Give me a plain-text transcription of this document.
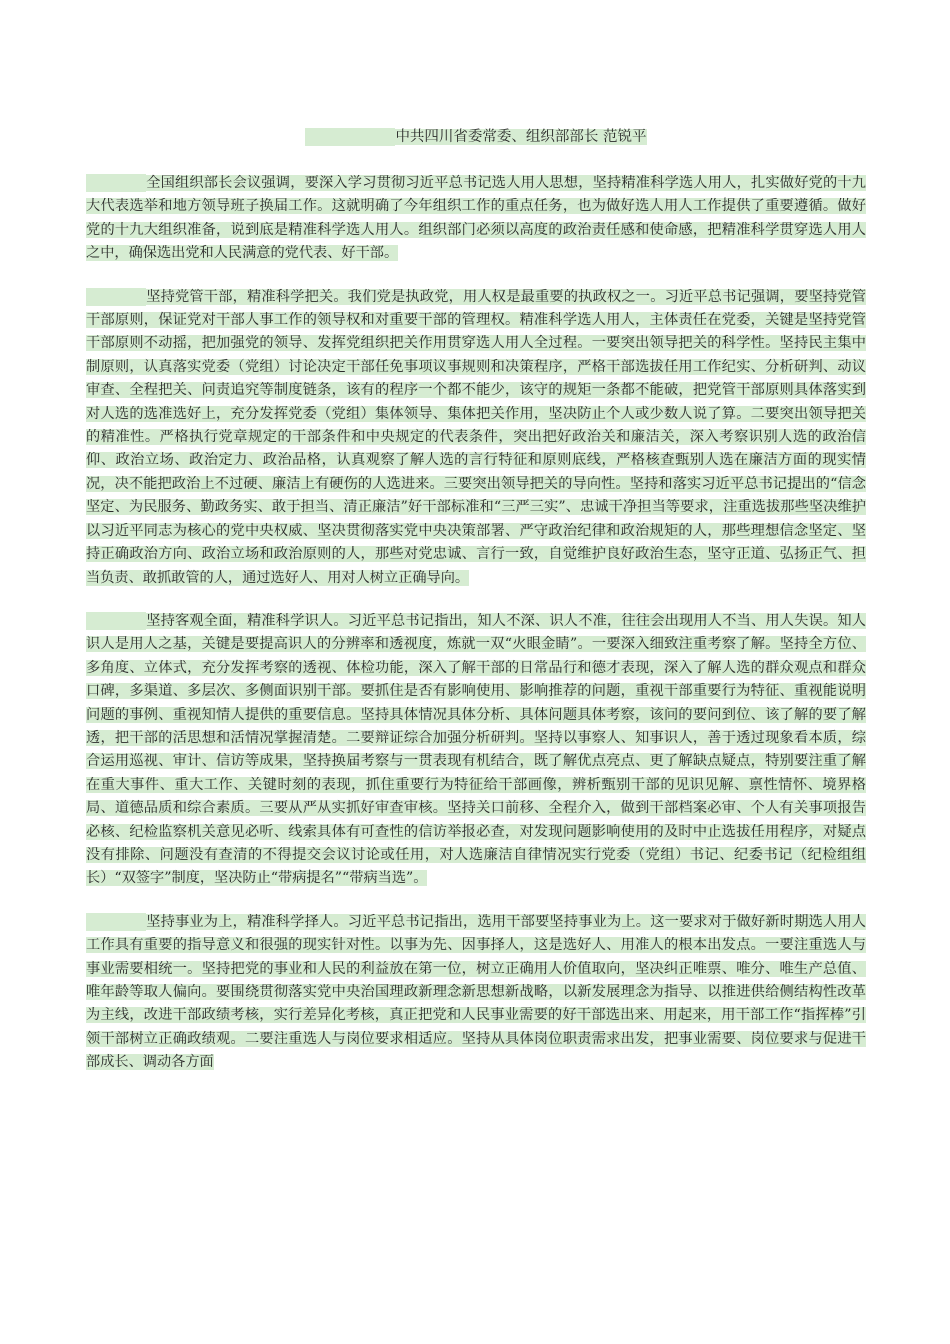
中共四川省委常委、组织部部长 范锐平

全国组织部长会议强调，要深入学习贯彻习近平总书记选人用人思想，坚持精准科学选人用人，扎实做好党的十九大代表选举和地方领导班子换届工作。这就明确了今年组织工作的重点任务，也为做好选人用人工作提供了重要遵循。做好党的十九大组织准备，说到底是精准科学选人用人。组织部门必须以高度的政治责任感和使命感，把精准科学贯穿选人用人之中，确保选出党和人民满意的党代表、好干部。

坚持党管干部，精准科学把关。我们党是执政党，用人权是最重要的执政权之一。习近平总书记强调，要坚持党管干部原则，保证党对干部人事工作的领导权和对重要干部的管理权。精准科学选人用人，主体责任在党委，关键是坚持党管干部原则不动摇，把加强党的领导、发挥党组织把关作用贯穿选人用人全过程。一要突出领导把关的科学性。坚持民主集中制原则，认真落实党委（党组）讨论决定干部任免事项议事规则和决策程序，严格干部选拔任用工作纪实、分析研判、动议审查、全程把关、问责追究等制度链条，该有的程序一个都不能少，该守的规矩一条都不能破，把党管干部原则具体落实到对人选的选准选好上，充分发挥党委（党组）集体领导、集体把关作用，坚决防止个人或少数人说了算。二要突出领导把关的精准性。严格执行党章规定的干部条件和中央规定的代表条件，突出把好政治关和廉洁关，深入考察识别人选的政治信仰、政治立场、政治定力、政治品格，认真观察了解人选的言行特征和原则底线，严格核查甄别人选在廉洁方面的现实情况，决不能把政治上不过硬、廉洁上有硬伤的人选进来。三要突出领导把关的导向性。坚持和落实习近平总书记提出的“信念坚定、为民服务、勤政务实、敢于担当、清正廉洁”好干部标准和“三严三实”、忠诚干净担当等要求，注重选拔那些坚决维护以习近平同志为核心的党中央权威、坚决贯彻落实党中央决策部署、严守政治纪律和政治规矩的人，那些理想信念坚定、坚持正确政治方向、政治立场和政治原则的人，那些对党忠诚、言行一致，自觉维护良好政治生态，坚守正道、弘扬正气、担当负责、敢抓敢管的人，通过选好人、用对人树立正确导向。

坚持客观全面，精准科学识人。习近平总书记指出，知人不深、识人不准，往往会出现用人不当、用人失误。知人识人是用人之基，关键是要提高识人的分辨率和透视度，炼就一双“火眼金睛”。一要深入细致注重考察了解。坚持全方位、多角度、立体式，充分发挥考察的透视、体检功能，深入了解干部的日常品行和德才表现，深入了解人选的群众观点和群众口碑，多渠道、多层次、多侧面识别干部。要抓住是否有影响使用、影响推荐的问题，重视干部重要行为特征、重视能说明问题的事例、重视知情人提供的重要信息。坚持具体情况具体分析、具体问题具体考察，该问的要问到位、该了解的要了解透，把干部的活思想和活情况掌握清楚。二要辩证综合加强分析研判。坚持以事察人、知事识人，善于透过现象看本质，综合运用巡视、审计、信访等成果，坚持换届考察与一贯表现有机结合，既了解优点亮点、更了解缺点疑点，特别要注重了解在重大事件、重大工作、关键时刻的表现，抓住重要行为特征给干部画像，辨析甄别干部的见识见解、禀性情怀、境界格局、道德品质和综合素质。三要从严从实抓好审查审核。坚持关口前移、全程介入，做到干部档案必审、个人有关事项报告必核、纪检监察机关意见必听、线索具体有可查性的信访举报必查，对发现问题影响使用的及时中止选拔任用程序，对疑点没有排除、问题没有查清的不得提交会议讨论或任用，对人选廉洁自律情况实行党委（党组）书记、纪委书记（纪检组组长）“双签字”制度，坚决防止“带病提名”“带病当选”。

坚持事业为上，精准科学择人。习近平总书记指出，选用干部要坚持事业为上。这一要求对于做好新时期选人用人工作具有重要的指导意义和很强的现实针对性。以事为先、因事择人，这是选好人、用准人的根本出发点。一要注重选人与事业需要相统一。坚持把党的事业和人民的利益放在第一位，树立正确用人价值取向，坚决纠正唯票、唯分、唯生产总值、唯年龄等取人偏向。要围绕贯彻落实党中央治国理政新理念新思想新战略，以新发展理念为指导、以推进供给侧结构性改革为主线，改进干部政绩考核，实行差异化考核，真正把党和人民事业需要的好干部选出来、用起来，用干部工作“指挥棒”引领干部树立正确政绩观。二要注重选人与岗位要求相适应。坚持从具体岗位职责需求出发，把事业需要、岗位要求与促进干部成长、调动各方面
